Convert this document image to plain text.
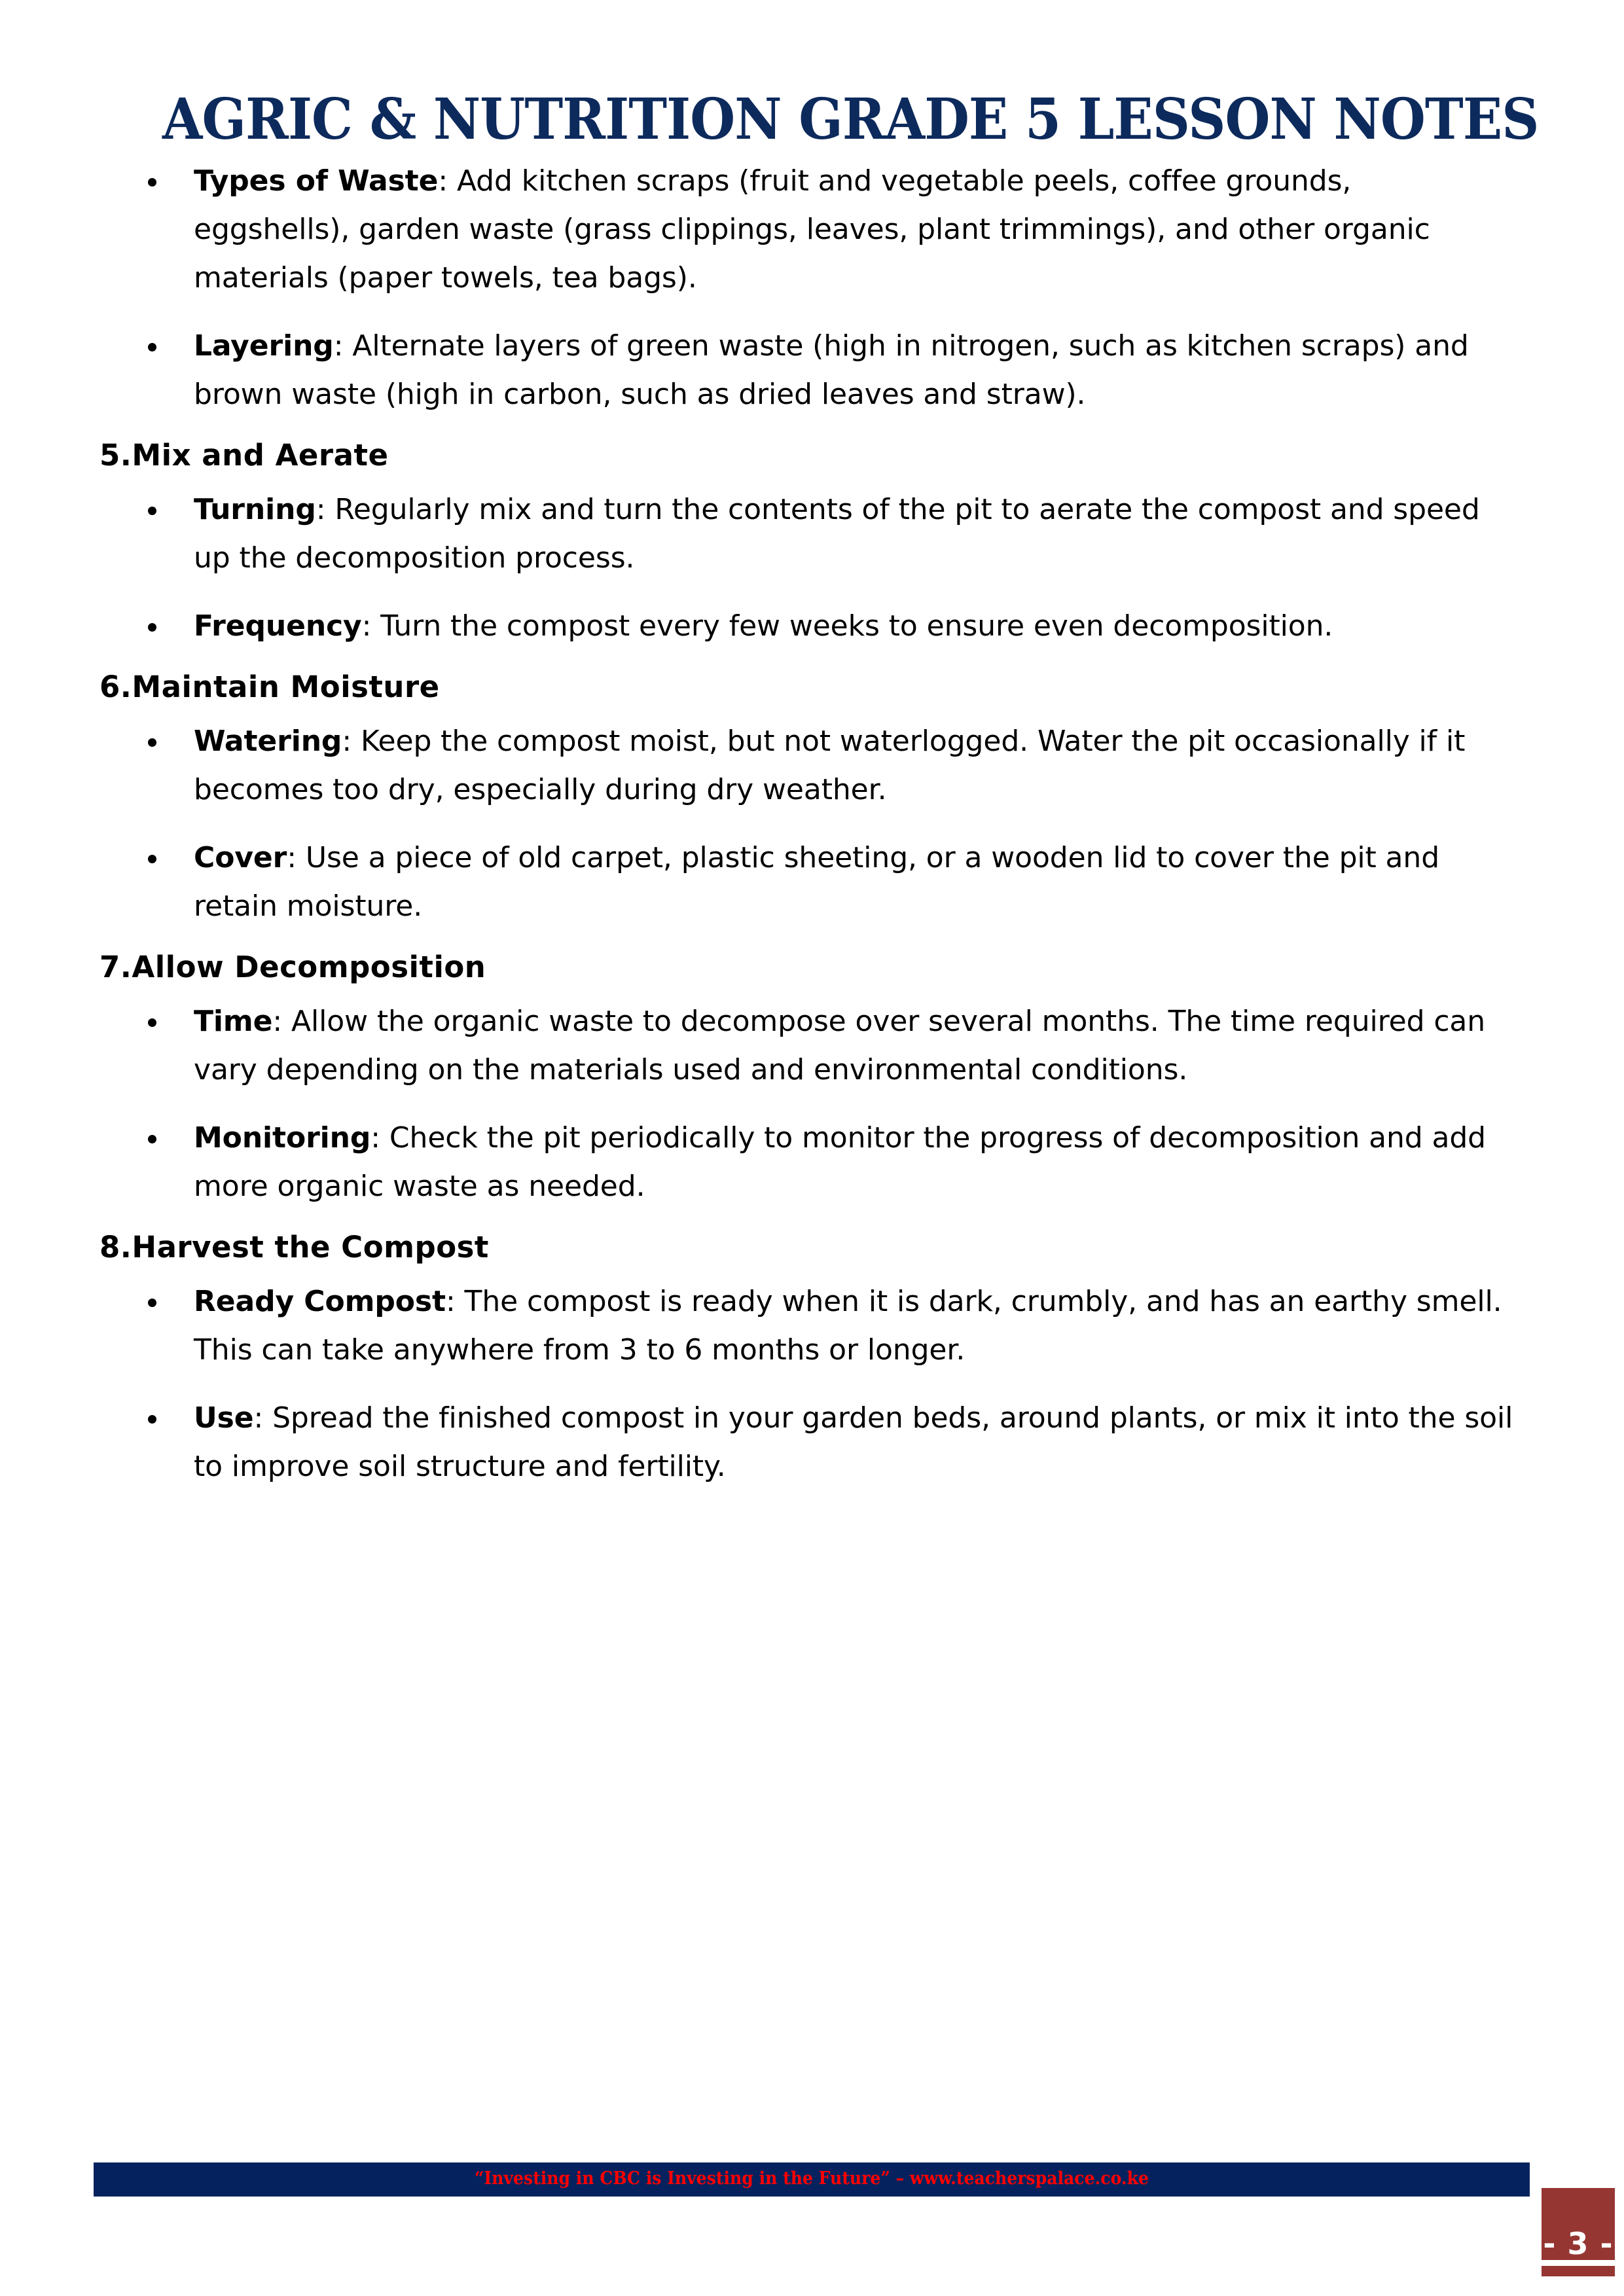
AGRIC & NUTRITION GRADE 5 LESSON NOTES
Types of Waste: Add kitchen scraps (fruit and vegetable peels, coffee grounds, eggshells), garden waste (grass clippings, leaves, plant trimmings), and other organic materials (paper towels, tea bags).
Layering: Alternate layers of green waste (high in nitrogen, such as kitchen scraps) and brown waste (high in carbon, such as dried leaves and straw).
5.Mix and Aerate
Turning: Regularly mix and turn the contents of the pit to aerate the compost and speed up the decomposition process.
Frequency: Turn the compost every few weeks to ensure even decomposition.
6.Maintain Moisture
Watering: Keep the compost moist, but not waterlogged. Water the pit occasionally if it becomes too dry, especially during dry weather.
Cover: Use a piece of old carpet, plastic sheeting, or a wooden lid to cover the pit and retain moisture.
7.Allow Decomposition
Time: Allow the organic waste to decompose over several months. The time required can vary depending on the materials used and environmental conditions.
Monitoring: Check the pit periodically to monitor the progress of decomposition and add more organic waste as needed.
8.Harvest the Compost
Ready Compost: The compost is ready when it is dark, crumbly, and has an earthy smell. This can take anywhere from 3 to 6 months or longer.
Use: Spread the finished compost in your garden beds, around plants, or mix it into the soil to improve soil structure and fertility.
“Investing in CBC is Investing in the Future” – www.teacherspalace.co.ke
- 3 -
